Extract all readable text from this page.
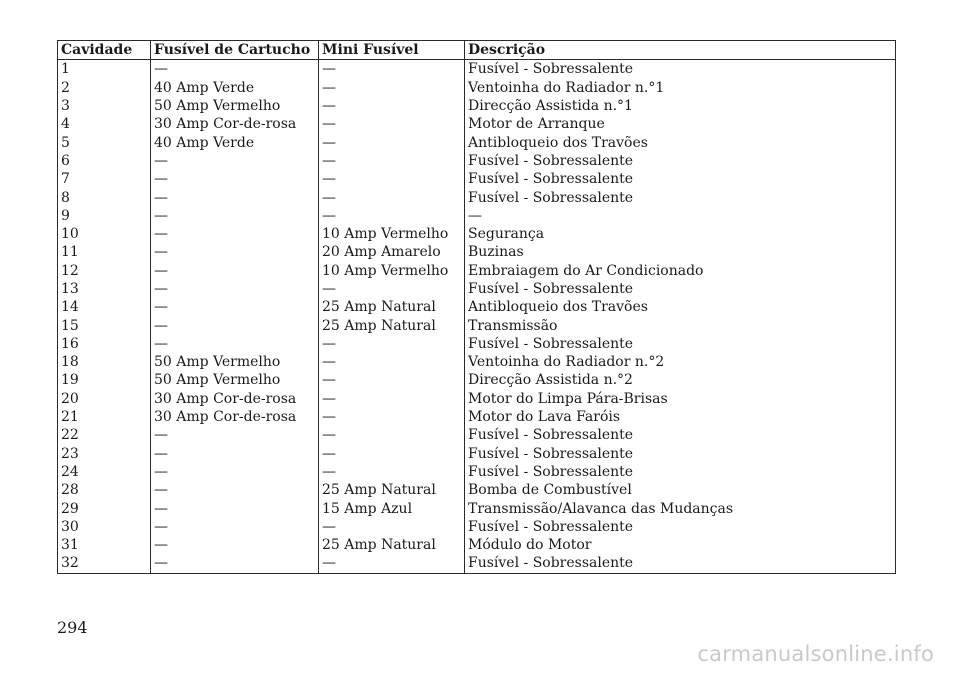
Cavidade	Fusível de Cartucho	Mini Fusível	Descrição
1	—	—	Fusível - Sobressalente
2	40 Amp Verde	—	Ventoinha do Radiador n.°1
3	50 Amp Vermelho	—	Direcção Assistida n.°1
4	30 Amp Cor-de-rosa	—	Motor de Arranque
5	40 Amp Verde	—	Antibloqueio dos Travões
6	—	—	Fusível - Sobressalente
7	—	—	Fusível - Sobressalente
8	—	—	Fusível - Sobressalente
9	—	—	—
10	—	10 Amp Vermelho	Segurança
11	—	20 Amp Amarelo	Buzinas
12	—	10 Amp Vermelho	Embraiagem do Ar Condicionado
13	—	—	Fusível - Sobressalente
14	—	25 Amp Natural	Antibloqueio dos Travões
15	—	25 Amp Natural	Transmissão
16	—	—	Fusível - Sobressalente
18	50 Amp Vermelho	—	Ventoinha do Radiador n.°2
19	50 Amp Vermelho	—	Direcção Assistida n.°2
20	30 Amp Cor-de-rosa	—	Motor do Limpa Pára-Brisas
21	30 Amp Cor-de-rosa	—	Motor do Lava Faróis
22	—	—	Fusível - Sobressalente
23	—	—	Fusível - Sobressalente
24	—	—	Fusível - Sobressalente
28	—	25 Amp Natural	Bomba de Combustível
29	—	15 Amp Azul	Transmissão/Alavanca das Mudanças
30	—	—	Fusível - Sobressalente
31	—	25 Amp Natural	Módulo do Motor
32	—	—	Fusível - Sobressalente
294
carmanualsonline.info
